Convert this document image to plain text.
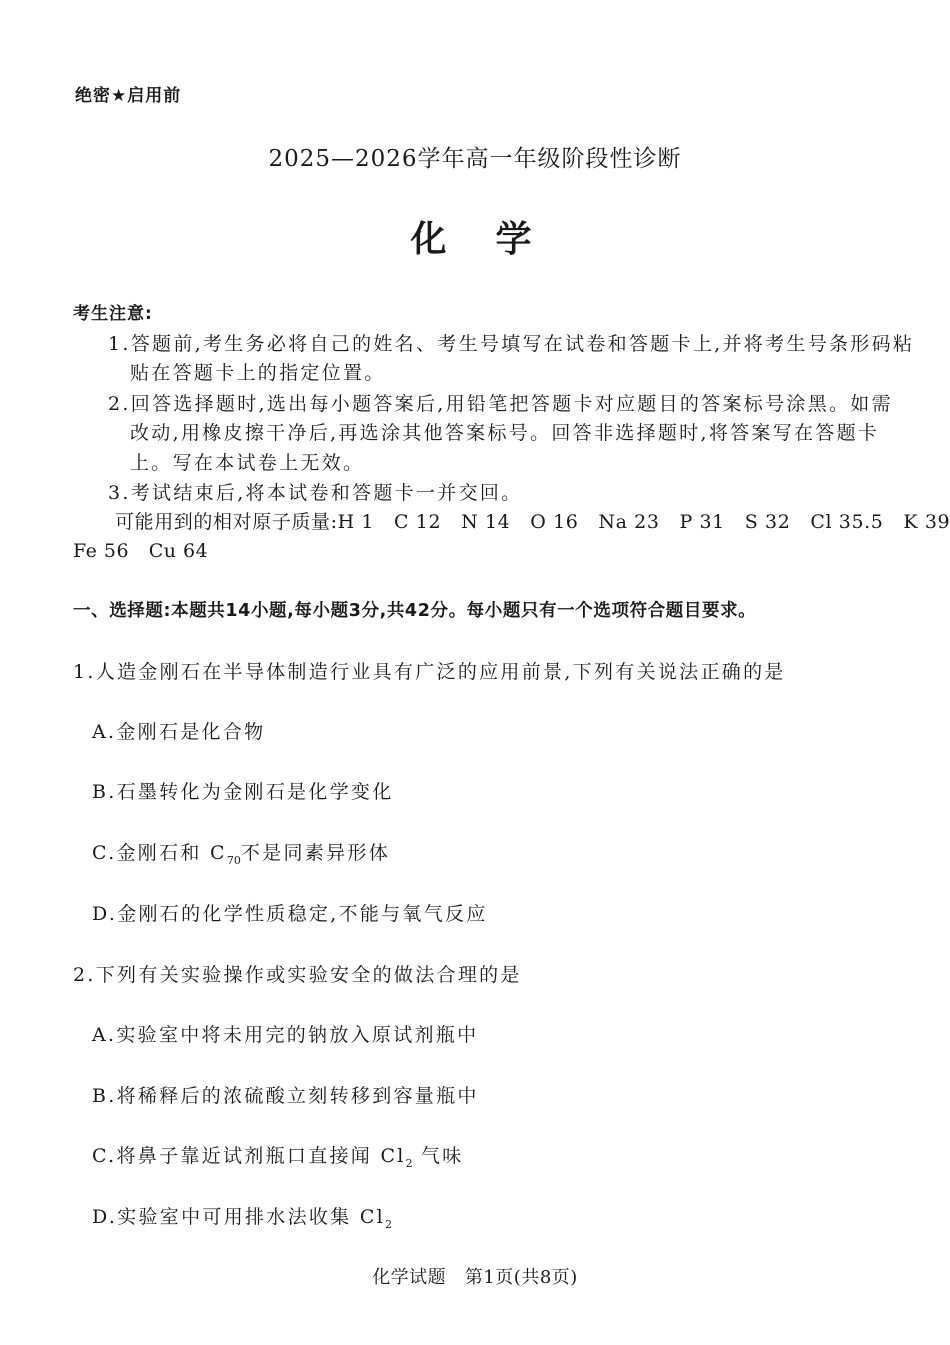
绝密★启用前
2025—2026学年高一年级阶段性诊断
化  学
考生注意:
1.答题前,考生务必将自己的姓名、考生号填写在试卷和答题卡上,并将考生号条形码粘
贴在答题卡上的指定位置。
2.回答选择题时,选出每小题答案后,用铅笔把答题卡对应题目的答案标号涂黑。如需
改动,用橡皮擦干净后,再选涂其他答案标号。回答非选择题时,将答案写在答题卡
上。写在本试卷上无效。
3.考试结束后,将本试卷和答题卡一并交回。
可能用到的相对原子质量:H 1   C 12   N 14   O 16   Na 23   P 31   S 32   Cl 35.5   K 39
Fe 56   Cu 64
一、选择题:本题共14小题,每小题3分,共42分。每小题只有一个选项符合题目要求。
1.人造金刚石在半导体制造行业具有广泛的应用前景,下列有关说法正确的是
A.金刚石是化合物
B.石墨转化为金刚石是化学变化
C.金刚石和 $C_{70}$不是同素异形体
D.金刚石的化学性质稳定,不能与氧气反应
2.下列有关实验操作或实验安全的做法合理的是
A.实验室中将未用完的钠放入原试剂瓶中
B.将稀释后的浓硫酸立刻转移到容量瓶中
C.将鼻子靠近试剂瓶口直接闻 $Cl_2$ 气味
D.实验室中可用排水法收集 $Cl_2$
化学试题   第1页(共8页)
